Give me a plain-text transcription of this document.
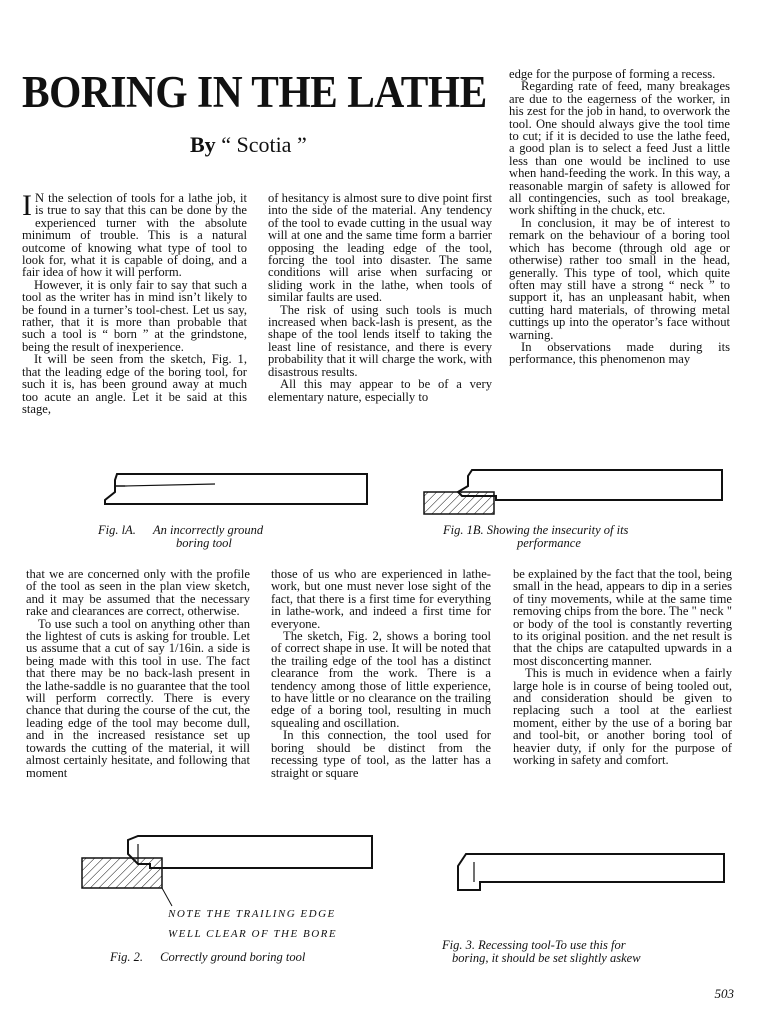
BORING IN THE LATHE
By “ Scotia ”

I N the selection of tools for a lathe job, it is true to say that this can be done by the experienced turner with the absolute minimum of trouble. This is a natural outcome of knowing what type of tool to look for, what it is capable of doing, and a fair idea of how it will perform.

However, it is only fair to say that such a tool as the writer has in mind isn’t likely to be found in a turner’s tool-chest. Let us say, rather, that it is more than probable that such a tool is “ born ” at the grindstone, being the result of inexperience.

It will be seen from the sketch, Fig. 1, that the leading edge of the boring tool, for such it is, has been ground away at much too acute an angle. Let it be said at this stage,

of hesitancy is almost sure to dive point first into the side of the material. Any tendency of the tool to evade cutting in the usual way will at one and the same time form a barrier opposing the leading edge of the tool, forcing the tool into disaster. The same conditions will arise when surfacing or sliding work in the lathe, when tools of similar faults are used.

The risk of using such tools is much increased when back-lash is present, as the shape of the tool lends itself to taking the least line of resistance, and there is every probability that it will charge the work, with disastrous results.

All this may appear to be of a very elementary nature, especially to

edge for the purpose of forming a recess.

Regarding rate of feed, many breakages are due to the eagerness of the worker, in his zest for the job in hand, to overwork the tool. One should always give the tool time to cut; if it is decided to use the lathe feed, a good plan is to select a feed Just a little less than one would be inclined to use when hand-feeding the work. In this way, a reasonable margin of safety is allowed for all contingencies, such as tool breakage, work shifting in the chuck, etc.

In conclusion, it may be of interest to remark on the behaviour of a boring tool which has become (through old age or otherwise) rather too small in the head, generally. This type of tool, which quite often may still have a strong “ neck ” to support it, has an unpleasant habit, when cutting hard materials, of throwing metal cuttings up into the operator’s face without warning.

In observations made during its performance, this phenomenon may

Fig. lA. An incorrectly ground
boring tool
Fig. 1B. Showing the insecurity of its
performance

that we are concerned only with the profile of the tool as seen in the plan view sketch, and it may be assumed that the necessary rake and clearances are correct, otherwise.

To use such a tool on anything other than the lightest of cuts is asking for trouble. Let us assume that a cut of say 1/16in. a side is being made with this tool in use. The fact that there may be no back-lash present in the lathe-saddle is no guarantee that the tool will perform correctly. There is every chance that during the course of the cut, the leading edge of the tool may become dull, and in the increased resistance set up towards the cutting of the material, it will almost certainly hesitate, and following that moment

those of us who are experienced in lathe-work, but one must never lose sight of the fact, that there is a first time for everything in lathe-work, and indeed a first time for everyone.

The sketch, Fig. 2, shows a boring tool of correct shape in use. It will be noted that the trailing edge of the tool has a distinct clearance from the work. There is a tendency among those of little experience, to have little or no clearance on the trailing edge of a boring tool, resulting in much squealing and oscillation.

In this connection, the tool used for boring should be distinct from the recessing type of tool, as the latter has a straight or square

be explained by the fact that the tool, being small in the head, appears to dip in a series of tiny movements, while at the same time removing chips from the bore. The " neck " or body of the tool is constantly reverting to its original position. and the net result is that the chips are catapulted upwards in a most disconcerting manner.

This is much in evidence when a fairly large hole is in course of being tooled out, and consideration should be given to replacing such a tool at the earliest moment, either by the use of a boring bar and tool-bit, or another boring tool of heavier duty, if only for the purpose of working in safety and comfort.

NOTE THE TRAILING EDGE
WELL CLEAR OF THE BORE
Fig. 2. Correctly ground boring tool
Fig. 3. Recessing tool-To use this for
boring, it should be set slightly askew
503
